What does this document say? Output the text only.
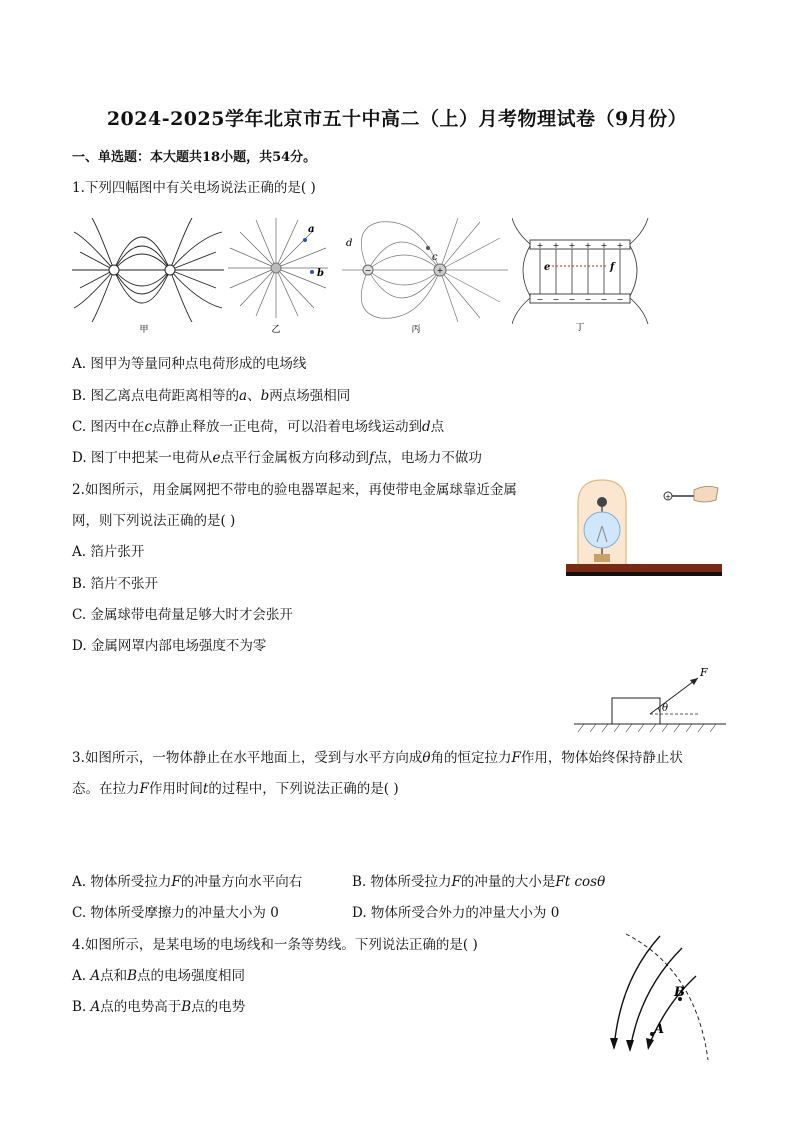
2024-2025学年北京市五十中高二（上）月考物理试卷（9月份）
一、单选题：本大题共18小题，共54分。
1.下列四幅图中有关电场说法正确的是( )
甲
a
b
乙
−	+
d
c
丙
+ + + + + +
− − − − − −
e	f
丁
A. 图甲为等量同种点电荷形成的电场线
B. 图乙离点电荷距离相等的a、b两点场强相同
C. 图丙中在c点静止释放一正电荷，可以沿着电场线运动到d点
D. 图丁中把某一电荷从e点平行金属板方向移动到f点，电场力不做功
2.如图所示，用金属网把不带电的验电器罩起来，再使带电金属球靠近金属
网，则下列说法正确的是( )
A. 箔片张开
B. 箔片不张开
C. 金属球带电荷量足够大时才会张开
D. 金属网罩内部电场强度不为零
+
F
θ
3.如图所示，一物体静止在水平地面上，受到与水平方向成θ角的恒定拉力F作用，物体始终保持静止状
态。在拉力F作用时间t的过程中，下列说法正确的是( )
A. 物体所受拉力F的冲量方向水平向右	B. 物体所受拉力F的冲量的大小是Ft cosθ
C. 物体所受摩擦力的冲量大小为 0	D. 物体所受合外力的冲量大小为 0
4.如图所示，是某电场的电场线和一条等势线。下列说法正确的是( )
A. A点和B点的电场强度相同
B. A点的电势高于B点的电势
B
A
